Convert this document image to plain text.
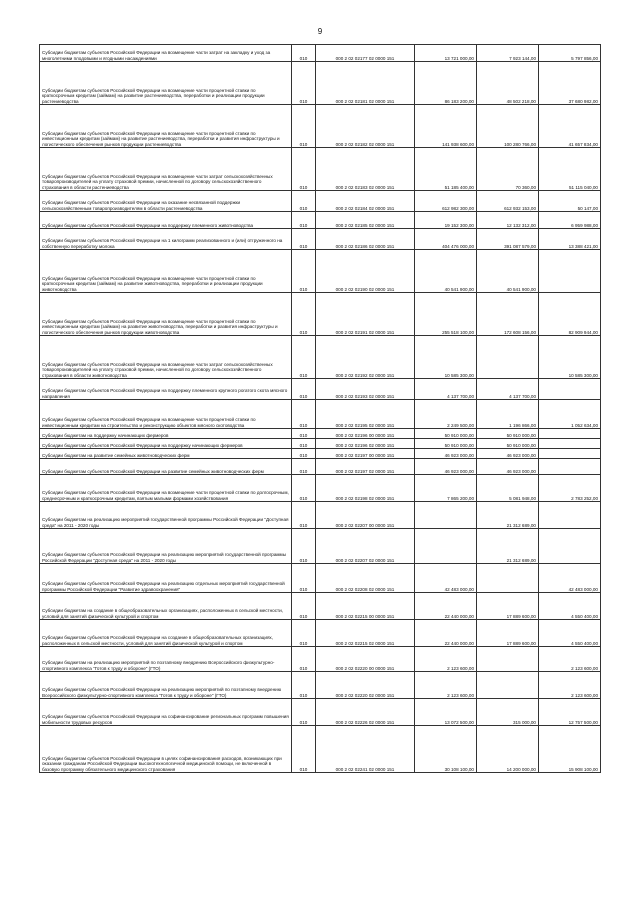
9
Субсидии бюджетам субъектов Российской Федерации на возмещение части затрат на закладку и уход за многолетними плодовыми и ягодными насаждениями	010	000 2 02 02177 02 0000 151	13 721 000,00	7 923 144,00	5 797 856,00
Субсидии бюджетам субъектов Российской Федерации на возмещение части процентной ставки по краткосрочным кредитам (займам) на развитие растениеводства, переработки и реализации продукции растениеводства	010	000 2 02 02181 02 0000 151	86 183 200,00	48 502 218,00	37 680 982,00
Субсидии бюджетам субъектов Российской Федерации на возмещение части процентной ставки по инвестиционным кредитам (займам) на развитие растениеводства, переработки и развития инфраструктуры и логистического обеспечения рынков продукции растениеводства	010	000 2 02 02182 02 0000 151	141 938 600,00	100 280 766,00	41 657 834,00
Субсидии бюджетам субъектов Российской Федерации на возмещение части затрат сельскохозяйственных товаропроизводителей на уплату страховой премии, начисленной по договору сельскохозяйственного страхования в области растениеводства	010	000 2 02 02183 02 0000 151	51 185 400,00	70 360,00	51 115 040,00
Субсидии бюджетам субъектов Российской Федерации на оказание несвязанной поддержки сельскохозяйственным товаропроизводителям в области растениеводства	010	000 2 02 02184 02 0000 151	612 982 300,00	612 932 153,00	50 147,00
Субсидии бюджетам субъектов Российской Федерации на поддержку племенного животноводства	010	000 2 02 02185 02 0000 151	19 152 300,00	12 132 312,00	6 959 988,00
Субсидии бюджетам субъектов Российской Федерации на 1 килограмм реализованного и (или) отгруженного на собственную переработку молока	010	000 2 02 02186 02 0000 151	404 476 000,00	391 087 579,00	13 388 421,00
Субсидии бюджетам субъектов Российской Федерации на возмещение части процентной ставки по краткосрочным кредитам (займам) на развитие животноводства, переработки и реализации продукции животноводства	010	000 2 02 02190 02 0000 151	40 541 900,00	40 541 900,00	
Субсидии бюджетам субъектов Российской Федерации на возмещение части процентной ставки по инвестиционным кредитам (займам) на развитие животноводства, переработки и развития инфраструктуры и логистического обеспечения рынков продукции животноводства	010	000 2 02 02191 02 0000 151	255 518 100,00	172 608 156,00	82 909 944,00
Субсидии бюджетам субъектов Российской Федерации на возмещение части затрат сельскохозяйственных товаропроизводителей на уплату страховой премии, начисленной по договору сельскохозяйственного страхования в области животноводства	010	000 2 02 02192 02 0000 151	10 585 300,00		10 585 300,00
Субсидии бюджетам субъектов Российской Федерации на поддержку племенного крупного рогатого скота мясного направления	010	000 2 02 02193 02 0000 151	4 137 700,00	4 137 700,00	
Субсидии бюджетам субъектов Российской Федерации на возмещение части процентной ставки по инвестиционным кредитам на строительство и реконструкцию объектов мясного скотоводства	010	000 2 02 02195 02 0000 151	2 249 500,00	1 196 866,00	1 052 634,00
Субсидии бюджетам на поддержку начинающих фермеров	010	000 2 02 02196 00 0000 151	50 910 000,00	50 910 000,00	
Субсидии бюджетам субъектов Российской Федерации на поддержку начинающих фермеров	010	000 2 02 02196 02 0000 151	50 910 000,00	50 910 000,00	
Субсидии бюджетам на развитие семейных животноводческих ферм	010	000 2 02 02197 00 0000 151	46 923 000,00	46 923 000,00	
Субсидии бюджетам субъектов Российской Федерации на развитие семейных животноводческих ферм	010	000 2 02 02197 02 0000 151	46 923 000,00	46 923 000,00	
Субсидии бюджетам субъектов Российской Федерации на возмещение части процентной ставки по долгосрочным, среднесрочным и краткосрочным кредитам, взятым малыми формами хозяйствования	010	000 2 02 02198 02 0000 151	7 865 200,00	5 081 948,00	2 783 252,00
Субсидии бюджетам на реализацию мероприятий государственной программы Российской Федерации "Доступная среда" на 2011 - 2020 годы	010	000 2 02 02207 00 0000 151		21 312 689,00	
Субсидии бюджетам субъектов Российской Федерации на реализацию мероприятий государственной программы Российской Федерации "Доступная среда" на 2011 - 2020 годы	010	000 2 02 02207 02 0000 151		21 312 689,00	
Субсидии бюджетам субъектов Российской Федерации на реализацию отдельных мероприятий государственной программы Российской Федерации "Развитие здравоохранения"	010	000 2 02 02208 02 0000 151	42 483 000,00		42 483 000,00
Субсидии бюджетам на создание в общеобразовательных организациях, расположенных в сельской местности, условий для занятий физической культурой и спортом	010	000 2 02 02215 00 0000 151	22 440 000,00	17 889 600,00	4 550 400,00
Субсидии бюджетам субъектов Российской Федерации на создание в общеобразовательных организациях, расположенных в сельской местности, условий для занятий физической культурой и спортом	010	000 2 02 02215 02 0000 151	22 440 000,00	17 889 600,00	4 550 400,00
Субсидии бюджетам на реализацию мероприятий по поэтапному внедрению Всероссийского физкультурно-спортивного комплекса "Готов к труду и обороне" (ГТО)	010	000 2 02 02220 00 0000 151	2 123 600,00		2 123 600,00
Субсидии бюджетам субъектов Российской Федерации на реализацию мероприятий по поэтапному внедрению Всероссийского физкультурно-спортивного комплекса "Готов к труду и обороне" (ГТО)	010	000 2 02 02220 02 0000 151	2 123 600,00		2 123 600,00
Субсидии бюджетам субъектов Российской Федерации на софинансирование региональных программ повышения мобильности трудовых ресурсов	010	000 2 02 02226 02 0000 151	13 072 500,00	315 000,00	12 757 500,00
Субсидии бюджетам субъектов Российской Федерации в целях софинансирования расходов, возникающих при оказании гражданам Российской Федерации высокотехнологичной медицинской помощи, не включенной в базовую программу обязательного медицинского страхования	010	000 2 02 02241 02 0000 151	30 108 100,00	14 200 000,00	15 908 100,00
